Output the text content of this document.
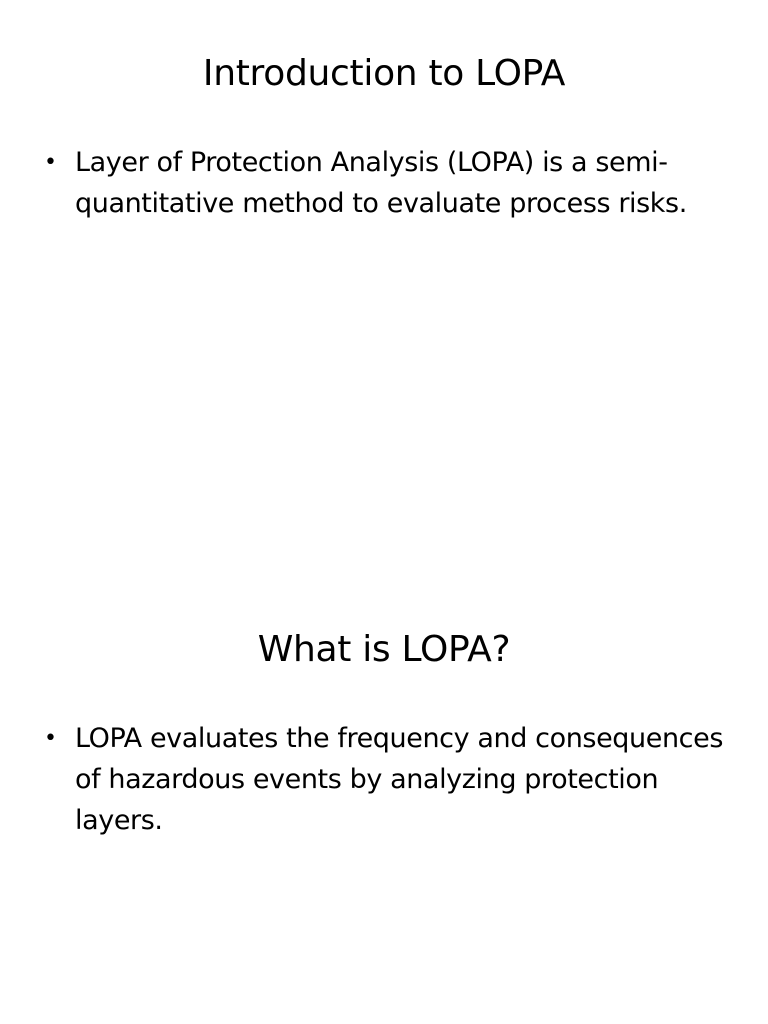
Introduction to LOPA
• Layer of Protection Analysis (LOPA) is a semi-quantitative method to evaluate process risks.
What is LOPA?
• LOPA evaluates the frequency and consequences of hazardous events by analyzing protection layers.
